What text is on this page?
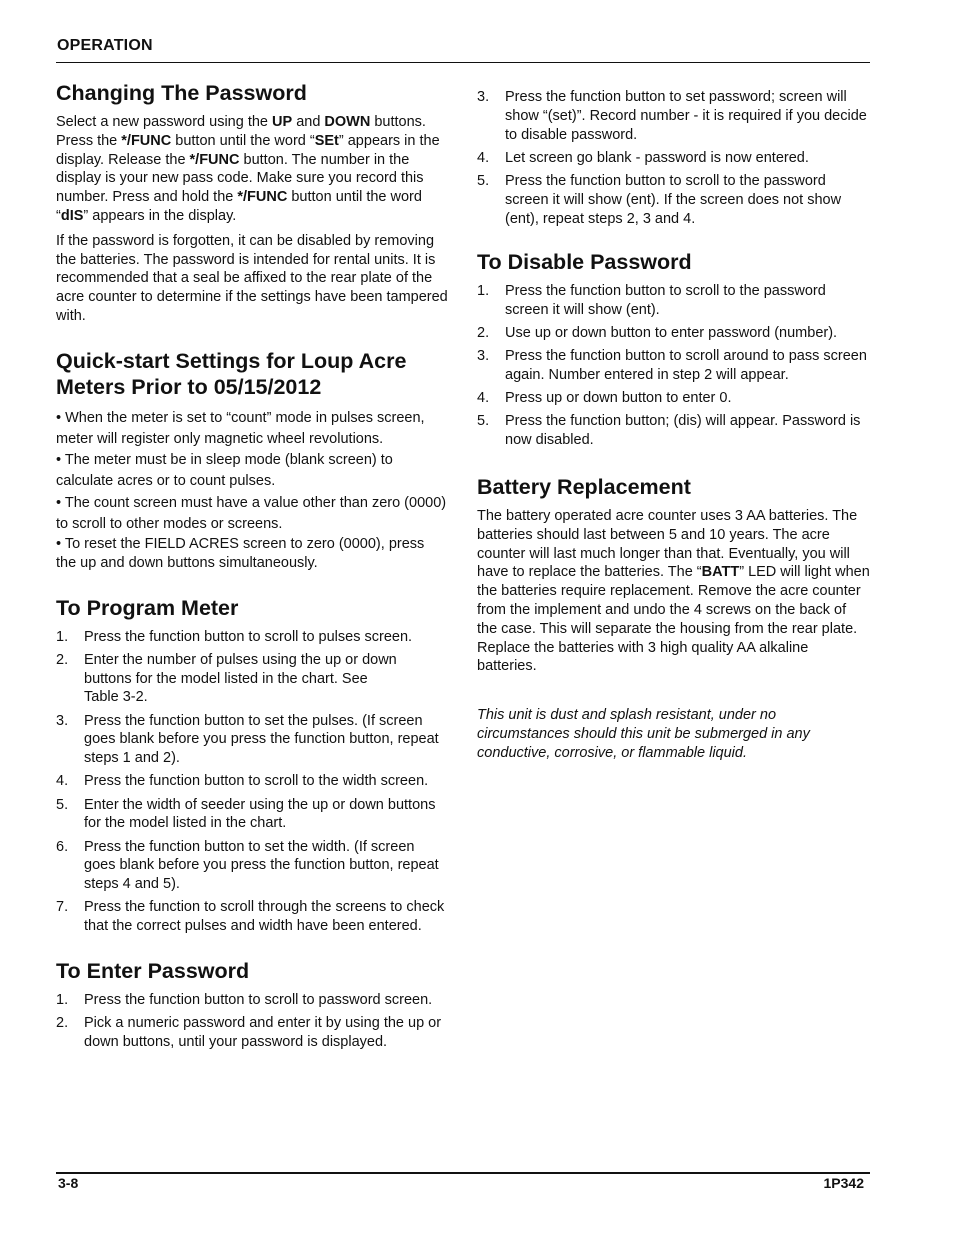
OPERATION
Changing The Password

Select a new password using the UP and DOWN buttons. Press the */FUNC button until the word “SEt” appears in the display. Release the */FUNC button. The number in the display is your new pass code. Make sure you record this number. Press and hold the */FUNC button until the word “dIS” appears in the display.

If the password is forgotten, it can be disabled by removing the batteries. The password is intended for rental units. It is recommended that a seal be affixed to the rear plate of the acre counter to determine if the settings have been tampered with.

Quick-start Settings for Loup Acre Meters Prior to 05/15/2012

• When the meter is set to “count” mode in pulses screen, meter will register only magnetic wheel revolutions.

• The meter must be in sleep mode (blank screen) to calculate acres or to count pulses.

• The count screen must have a value other than zero (0000) to scroll to other modes or screens.

• To reset the FIELD ACRES screen to zero (0000), press the up and down buttons simultaneously.

To Program Meter
1. Press the function button to scroll to pulses screen.
2. Enter the number of pulses using the up or down buttons for the model listed in the chart. See
Table 3-2.
3. Press the function button to set the pulses. (If screen goes blank before you press the function button, repeat steps 1 and 2).
4. Press the function button to scroll to the width screen.
5. Enter the width of seeder using the up or down buttons for the model listed in the chart.
6. Press the function button to set the width. (If screen goes blank before you press the function button, repeat steps 4 and 5).
7. Press the function to scroll through the screens to check that the correct pulses and width have been entered.
To Enter Password
1. Press the function button to scroll to password screen.
2. Pick a numeric password and enter it by using the up or down buttons, until your password is displayed.
3. Press the function button to set password; screen will show “(set)”. Record number - it is required if you decide to disable password.
4. Let screen go blank - password is now entered.
5. Press the function button to scroll to the password screen it will show (ent). If the screen does not show (ent), repeat steps 2, 3 and 4.
To Disable Password
1. Press the function button to scroll to the password screen it will show (ent).
2. Use up or down button to enter password (number).
3. Press the function button to scroll around to pass screen again. Number entered in step 2 will appear.
4. Press up or down button to enter 0.
5. Press the function button; (dis) will appear. Password is now disabled.
Battery Replacement

The battery operated acre counter uses 3 AA batteries. The batteries should last between 5 and 10 years. The acre counter will last much longer than that. Eventually, you will have to replace the batteries. The “BATT” LED will light when the batteries require replacement. Remove the acre counter from the implement and undo the 4 screws on the back of the case. This will separate the housing from the rear plate. Replace the batteries with 3 high quality AA alkaline batteries.

This unit is dust and splash resistant, under no circumstances should this unit be submerged in any conductive, corrosive, or flammable liquid.

3-8	1P342
